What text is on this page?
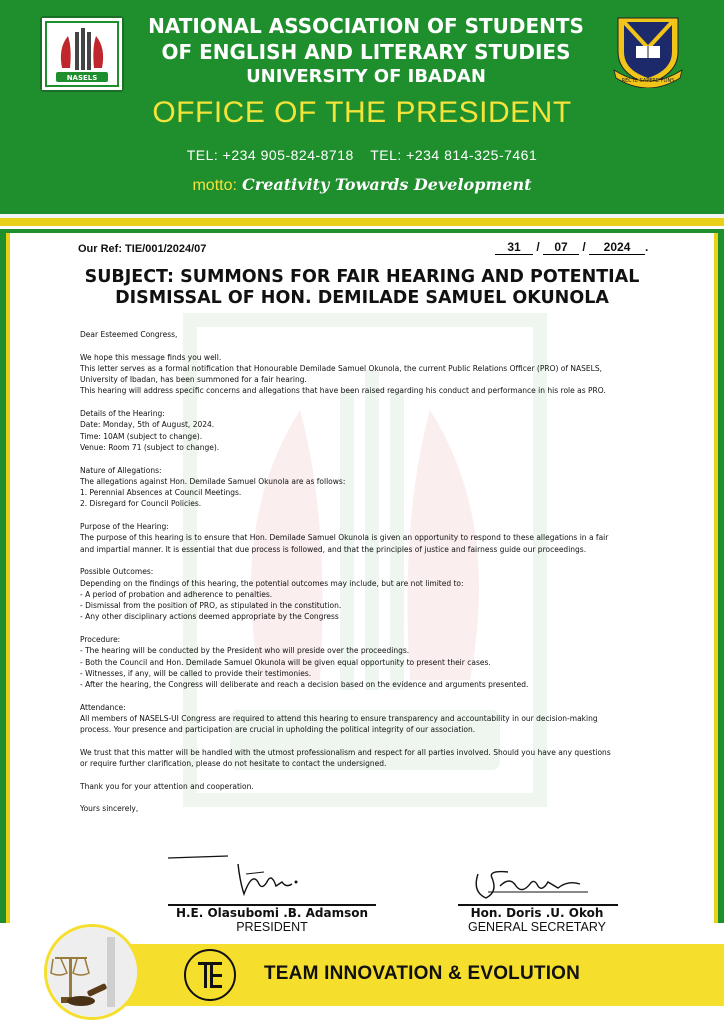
NASELS	RECTE SAPERE FONS
NATIONAL ASSOCIATION OF STUDENTS
OF ENGLISH AND LITERARY STUDIES
UNIVERSITY OF IBADAN
OFFICE OF THE PRESIDENT
TEL: +234 905-824-8718 TEL: +234 814-325-7461
motto: Creativity Towards Development
Our Ref: TIE/001/2024/07	31 / 07 / 2024 .
SUBJECT: SUMMONS FOR FAIR HEARING AND POTENTIAL
DISMISSAL OF HON. DEMILADE SAMUEL OKUNOLA

Dear Esteemed Congress,

We hope this message finds you well.

This letter serves as a formal notification that Honourable Demilade Samuel Okunola, the current Public Relations Officer (PRO) of NASELS,

University of Ibadan, has been summoned for a fair hearing.

This hearing will address specific concerns and allegations that have been raised regarding his conduct and performance in his role as PRO.

Details of the Hearing:

Date: Monday, 5th of August, 2024.

Time: 10AM (subject to change).

Venue: Room 71 (subject to change).

Nature of Allegations:

The allegations against Hon. Demilade Samuel Okunola are as follows:

1. Perennial Absences at Council Meetings.

2. Disregard for Council Policies.

Purpose of the Hearing:

The purpose of this hearing is to ensure that Hon. Demilade Samuel Okunola is given an opportunity to respond to these allegations in a fair

and impartial manner. It is essential that due process is followed, and that the principles of justice and fairness guide our proceedings.

Possible Outcomes:

Depending on the findings of this hearing, the potential outcomes may include, but are not limited to:

- A period of probation and adherence to penalties.

- Dismissal from the position of PRO, as stipulated in the constitution.

- Any other disciplinary actions deemed appropriate by the Congress

Procedure:

- The hearing will be conducted by the President who will preside over the proceedings.

- Both the Council and Hon. Demilade Samuel Okunola will be given equal opportunity to present their cases.

- Witnesses, if any, will be called to provide their testimonies.

- After the hearing, the Congress will deliberate and reach a decision based on the evidence and arguments presented.

Attendance:

All members of NASELS-UI Congress are required to attend this hearing to ensure transparency and accountability in our decision-making

process. Your presence and participation are crucial in upholding the political integrity of our association.

We trust that this matter will be handled with the utmost professionalism and respect for all parties involved. Should you have any questions

or require further clarification, please do not hesitate to contact the undersigned.

Thank you for your attention and cooperation.

Yours sincerely,

H.E. Olasubomi .B. Adamson
PRESIDENT
Hon. Doris .U. Okoh
GENERAL SECRETARY
TEAM INNOVATION & EVOLUTION
